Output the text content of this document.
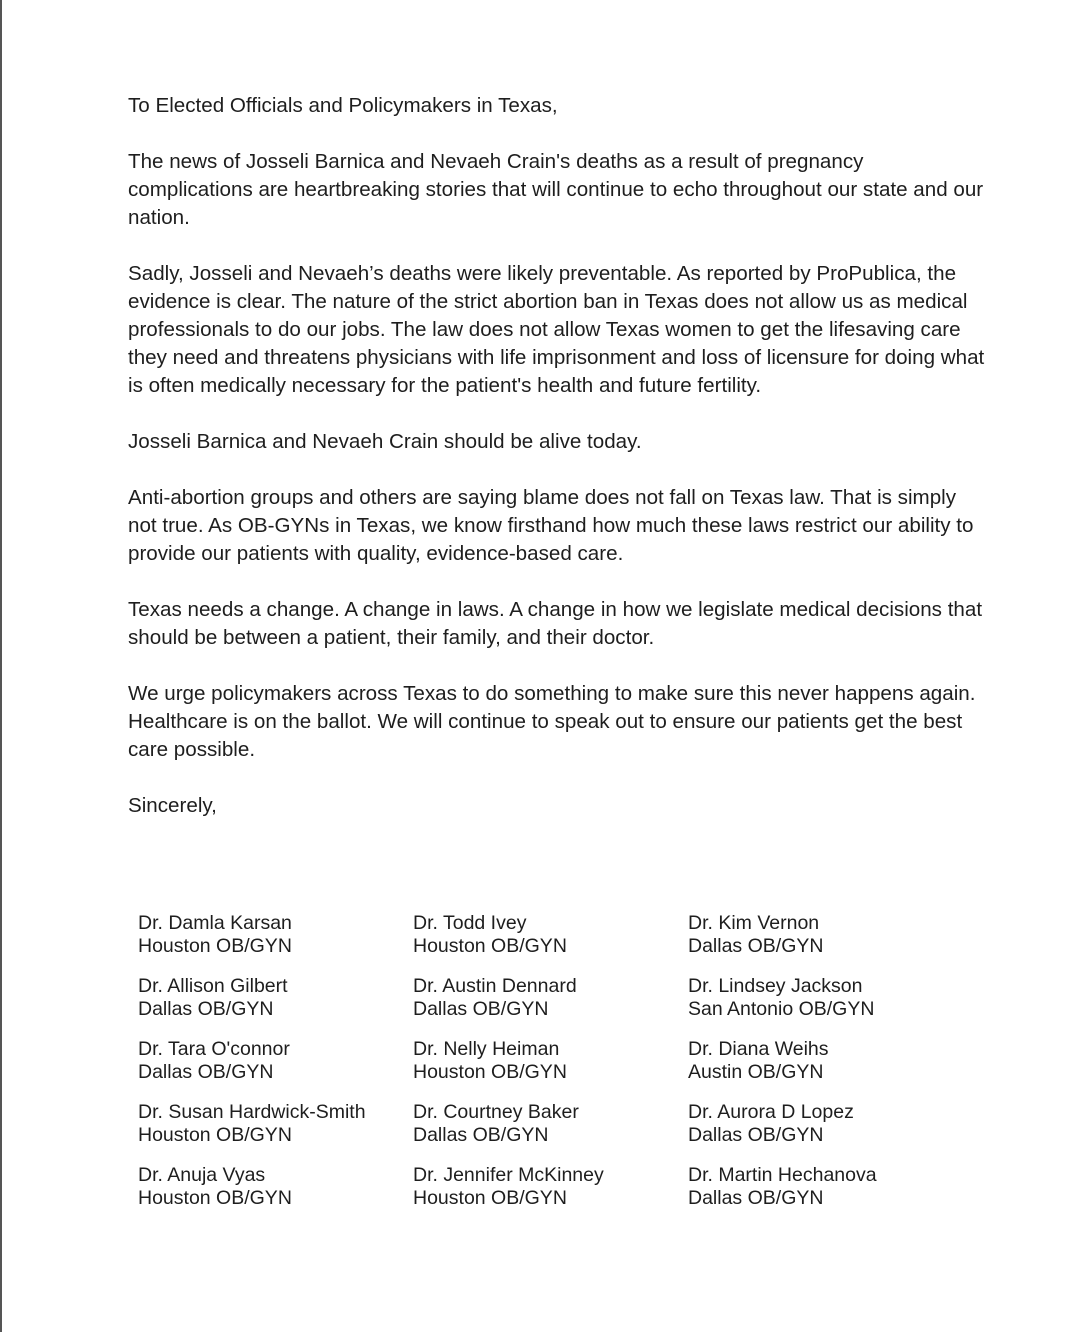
To Elected Officials and Policymakers in Texas,

The news of Josseli Barnica and Nevaeh Crain's deaths as a result of pregnancy complications are heartbreaking stories that will continue to echo throughout our state and our nation.

Sadly, Josseli and Nevaeh’s deaths were likely preventable. As reported by ProPublica, the evidence is clear. The nature of the strict abortion ban in Texas does not allow us as medical professionals to do our jobs. The law does not allow Texas women to get the lifesaving care they need and threatens physicians with life imprisonment and loss of licensure for doing what is often medically necessary for the patient's health and future fertility.

Josseli Barnica and Nevaeh Crain should be alive today.

Anti-abortion groups and others are saying blame does not fall on Texas law. That is simply not true. As OB-GYNs in Texas, we know firsthand how much these laws restrict our ability to provide our patients with quality, evidence-based care.

Texas needs a change. A change in laws. A change in how we legislate medical decisions that should be between a patient, their family, and their doctor.

We urge policymakers across Texas to do something to make sure this never happens again. Healthcare is on the ballot. We will continue to speak out to ensure our patients get the best care possible.

Sincerely,

Dr. Damla Karsan
Houston OB/GYN
Dr. Todd Ivey
Houston OB/GYN
Dr. Kim Vernon
Dallas OB/GYN
Dr. Allison Gilbert
Dallas OB/GYN
Dr. Austin Dennard
Dallas OB/GYN
Dr. Lindsey Jackson
San Antonio OB/GYN
Dr. Tara O'connor
Dallas OB/GYN
Dr. Nelly Heiman
Houston OB/GYN
Dr. Diana Weihs
Austin OB/GYN
Dr. Susan Hardwick-Smith
Houston OB/GYN
Dr. Courtney Baker
Dallas OB/GYN
Dr. Aurora D Lopez
Dallas OB/GYN
Dr. Anuja Vyas
Houston OB/GYN
Dr. Jennifer McKinney
Houston OB/GYN
Dr. Martin Hechanova
Dallas OB/GYN
